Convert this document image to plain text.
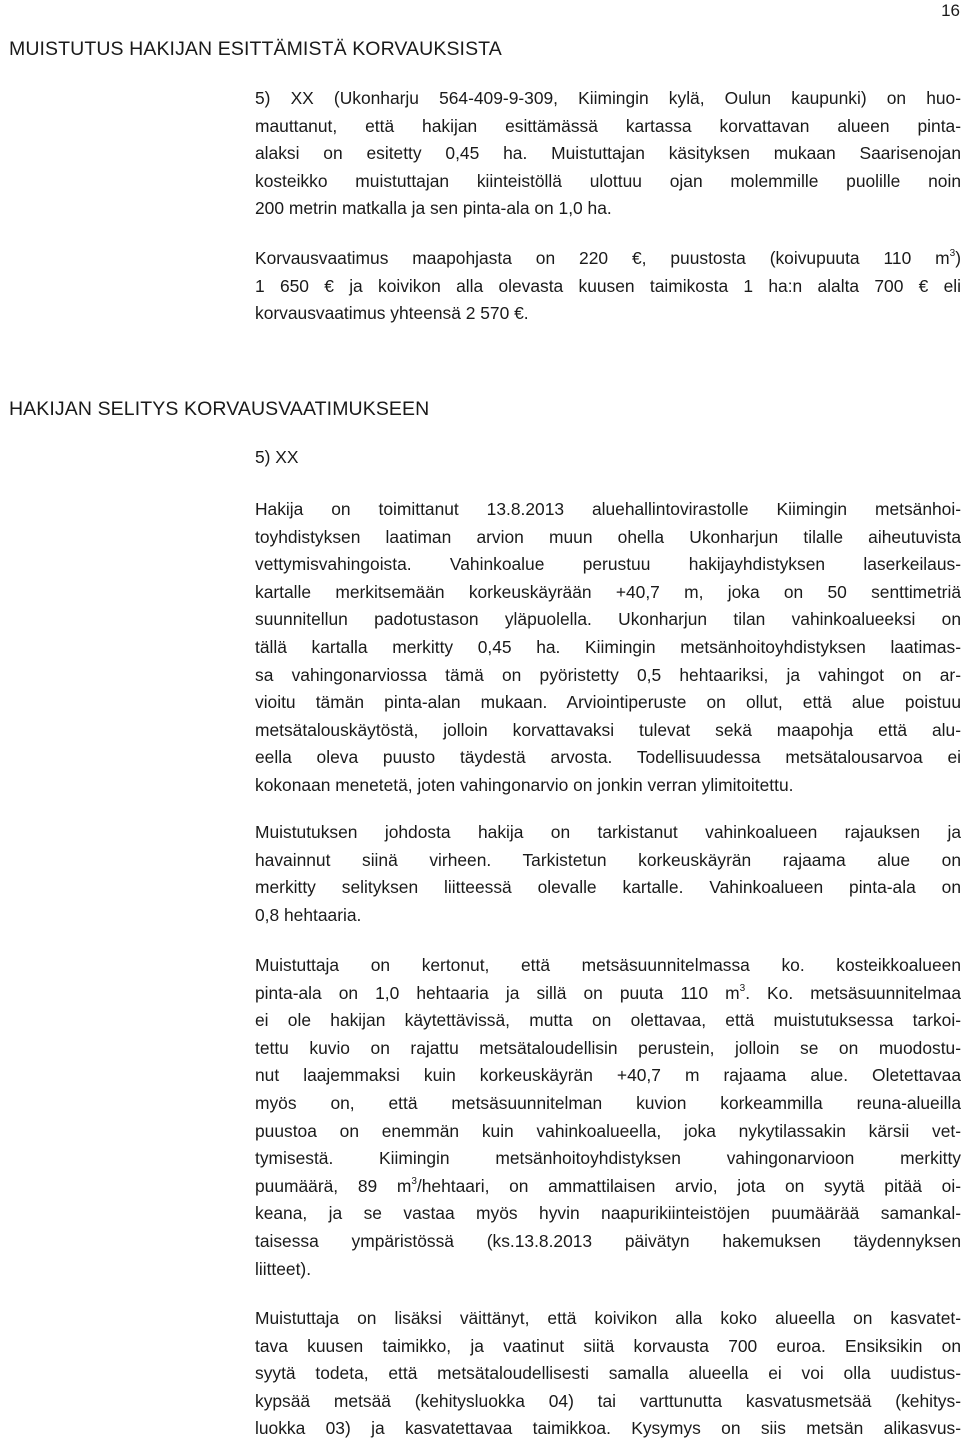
16
MUISTUTUS HAKIJAN ESITTÄMISTÄ KORVAUKSISTA
5) XX (Ukonharju 564-409-9-309, Kiimingin kylä, Oulun kaupunki) on huo-
mauttanut, että hakijan esittämässä kartassa korvattavan alueen pinta-
alaksi on esitetty 0,45 ha. Muistuttajan käsityksen mukaan Saarisenojan
kosteikko muistuttajan kiinteistöllä ulottuu ojan molemmille puolille noin
200 metrin matkalla ja sen pinta-ala on 1,0 ha.
Korvausvaatimus maapohjasta on 220 €, puustosta (koivupuuta 110 $m^3$)
1 650 € ja koivikon alla olevasta kuusen taimikosta 1 ha:n alalta 700 € eli
korvausvaatimus yhteensä 2 570 €.
HAKIJAN SELITYS KORVAUSVAATIMUKSEEN
5) XX
Hakija on toimittanut 13.8.2013 aluehallintovirastolle Kiimingin metsänhoi-
toyhdistyksen laatiman arvion muun ohella Ukonharjun tilalle aiheutuvista
vettymisvahingoista. Vahinkoalue perustuu hakijayhdistyksen laserkeilaus-
kartalle merkitsemään korkeuskäyrään +40,7 m, joka on 50 senttimetriä
suunnitellun padotustason yläpuolella. Ukonharjun tilan vahinkoalueeksi on
tällä kartalla merkitty 0,45 ha. Kiimingin metsänhoitoyhdistyksen laatimas-
sa vahingonarviossa tämä on pyöristetty 0,5 hehtaariksi, ja vahingot on ar-
vioitu tämän pinta-alan mukaan. Arviointiperuste on ollut, että alue poistuu
metsätalouskäytöstä, jolloin korvattavaksi tulevat sekä maapohja että alu-
eella oleva puusto täydestä arvosta. Todellisuudessa metsätalousarvoa ei
kokonaan menetetä, joten vahingonarvio on jonkin verran ylimitoitettu.
Muistutuksen johdosta hakija on tarkistanut vahinkoalueen rajauksen ja
havainnut siinä virheen. Tarkistetun korkeuskäyrän rajaama alue on
merkitty selityksen liitteessä olevalle kartalle. Vahinkoalueen pinta-ala on
0,8 hehtaaria.
Muistuttaja on kertonut, että metsäsuunnitelmassa ko. kosteikkoalueen
pinta-ala on 1,0 hehtaaria ja sillä on puuta 110 $m^3$. Ko. metsäsuunnitelmaa
ei ole hakijan käytettävissä, mutta on olettavaa, että muistutuksessa tarkoi-
tettu kuvio on rajattu metsätaloudellisin perustein, jolloin se on muodostu-
nut laajemmaksi kuin korkeuskäyrän +40,7 m rajaama alue. Oletettavaa
myös on, että metsäsuunnitelman kuvion korkeammilla reuna-alueilla
puustoa on enemmän kuin vahinkoalueella, joka nykytilassakin kärsii vet-
tymisestä. Kiimingin metsänhoitoyhdistyksen vahingonarvioon merkitty
puumäärä, 89 $m^3$/hehtaari, on ammattilaisen arvio, jota on syytä pitää oi-
keana, ja se vastaa myös hyvin naapurikiinteistöjen puumäärää samankal-
taisessa ympäristössä (ks.13.8.2013 päivätyn hakemuksen täydennyksen
liitteet).
Muistuttaja on lisäksi väittänyt, että koivikon alla koko alueella on kasvatet-
tava kuusen taimikko, ja vaatinut siitä korvausta 700 euroa. Ensiksikin on
syytä todeta, että metsätaloudellisesti samalla alueella ei voi olla uudistus-
kypsää metsää (kehitysluokka 04) tai varttunutta kasvatusmetsää (kehitys-
luokka 03) ja kasvatettavaa taimikkoa. Kysymys on siis metsän alikasvus-
